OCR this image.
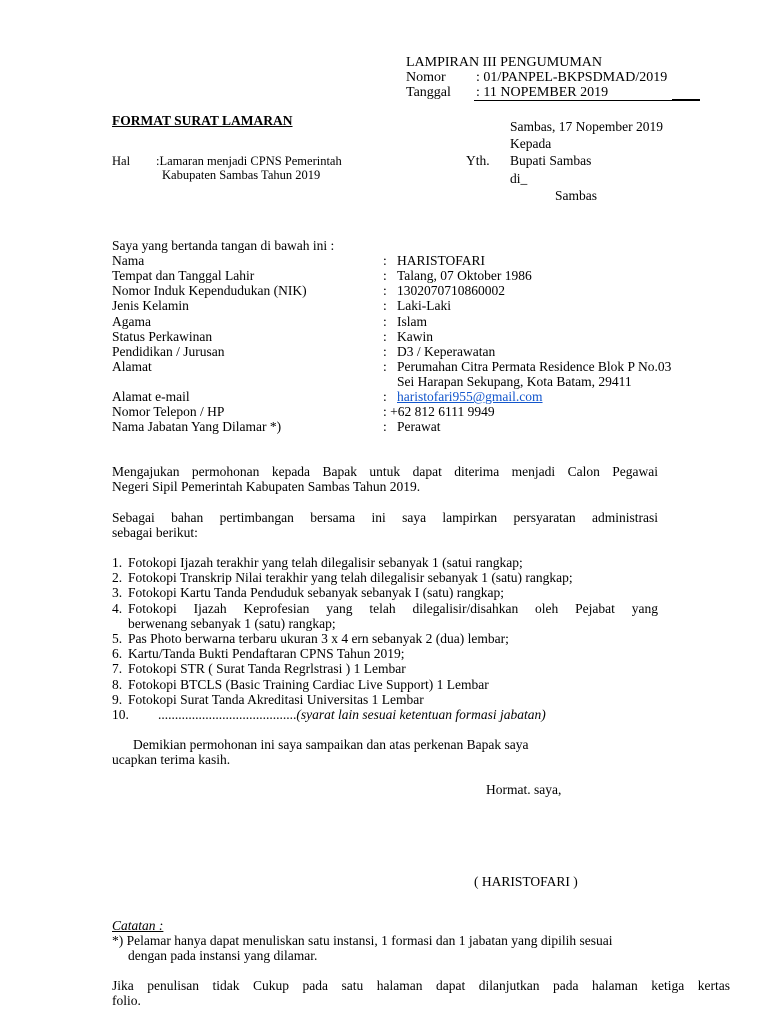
LAMPIRAN III PENGUMUMAN
Nomor : 01/PANPEL-BKPSDMAD/2019
Tanggal : 11 NOPEMBER 2019
FORMAT SURAT LAMARAN	Sambas, 17 Nopember 2019
Kepada
Yth. Bupati Sambas
di_
Sambas
Hal :Lamaran menjadi CPNS Pemerintah
Kabupaten Sambas Tahun 2019
Saya yang bertanda tangan di bawah ini :
Nama	: HARISTOFARI
Tempat dan Tanggal Lahir	: Talang, 07 Oktober 1986
Nomor Induk Kependudukan (NIK)	: 1302070710860002
Jenis Kelamin	: Laki-Laki
Agama	: Islam
Status Perkawinan	: Kawin
Pendidikan / Jurusan	: D3 / Keperawatan
Alamat	: Perumahan Citra Permata Residence Blok P No.03
Sei Harapan Sekupang, Kota Batam, 29411
Alamat e-mail	: haristofari955@gmail.com
Nomor Telepon / HP	: +62 812 6111 9949
Nama Jabatan Yang Dilamar *)	: Perawat
Mengajukan permohonan kepada Bapak untuk dapat diterima menjadi Calon Pegawai
Negeri Sipil Pemerintah Kabupaten Sambas Tahun 2019.
Sebagai bahan pertimbangan bersama ini saya lampirkan persyaratan administrasi
sebagai berikut:
1. Fotokopi Ijazah terakhir yang telah dilegalisir sebanyak 1 (satui rangkap;
2. Fotokopi Transkrip Nilai terakhir yang telah dilegalisir sebanyak 1 (satu) rangkap;
3. Fotokopi Kartu Tanda Penduduk sebanyak sebanyak I (satu) rangkap;
4. Fotokopi Ijazah Keprofesian yang telah dilegalisir/disahkan oleh Pejabat yang
berwenang sebanyak 1 (satu) rangkap;
5. Pas Photo berwarna terbaru ukuran 3 x 4 ern sebanyak 2 (dua) lembar;
6. Kartu/Tanda Bukti Pendaftaran CPNS Tahun 2019;
7. Fotokopi STR ( Surat Tanda Regrlstrasi ) 1 Lembar
8. Fotokopi BTCLS (Basic Training Cardiac Live Support) 1 Lembar
9. Fotokopi Surat Tanda Akreditasi Universitas 1 Lembar
10. .........................................(syarat lain sesuai ketentuan formasi jabatan)
Demikian permohonan ini saya sampaikan dan atas perkenan Bapak saya
ucapkan terima kasih.
Hormat. saya,
( HARISTOFARI )
Catatan :
*) Pelamar hanya dapat menuliskan satu instansi, 1 formasi dan 1 jabatan yang dipilih sesuai
dengan pada instansi yang dilamar.
Jika penulisan tidak Cukup pada satu halaman dapat dilanjutkan pada halaman ketiga kertas
folio.
